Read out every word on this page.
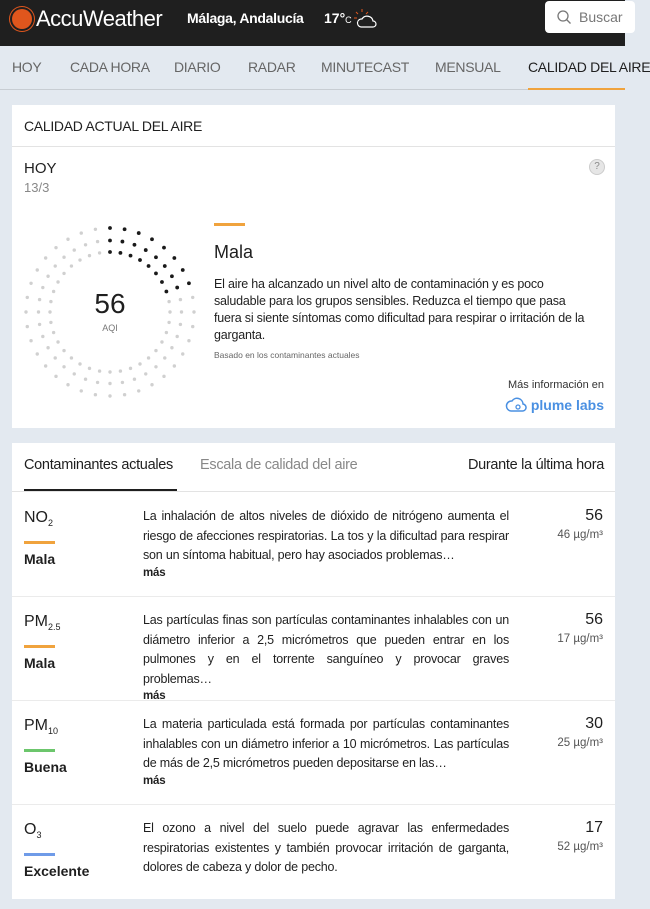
AccuWeather Málaga, Andalucía 17°C	Buscar
HOY CADA HORA DIARIO RADAR MINUTECAST MENSUAL CALIDAD DEL AIRE
CALIDAD ACTUAL DEL AIRE
HOY
13/3
?
56
AQI
Mala
El aire ha alcanzado un nivel alto de contaminación y es poco saludable para los grupos sensibles. Reduzca el tiempo que pasa fuera si siente síntomas como dificultad para respirar o irritación de la garganta.
Basado en los contaminantes actuales
Más información en
plume labs
Contaminantes actuales Escala de calidad del aire	Durante la última hora
$NO_2$
Mala
La inhalación de altos niveles de dióxido de nitrógeno aumenta el riesgo de afecciones respiratorias. La tos y la dificultad para respirar son un síntoma habitual, pero hay asociados problemas…
más
56
46 µg/m³
$PM_{2.5}$
Mala
Las partículas finas son partículas contaminantes inhalables con un diámetro inferior a 2,5 micrómetros que pueden entrar en los pulmones y en el torrente sanguíneo y provocar graves problemas…
más
56
17 µg/m³
$PM_{10}$
Buena
La materia particulada está formada por partículas contaminantes inhalables con un diámetro inferior a 10 micrómetros. Las partículas de más de 2,5 micrómetros pueden depositarse en las…
más
30
25 µg/m³
$O_3$
Excelente
El ozono a nivel del suelo puede agravar las enfermedades respiratorias existentes y también provocar irritación de garganta, dolores de cabeza y dolor de pecho.
17
52 µg/m³
